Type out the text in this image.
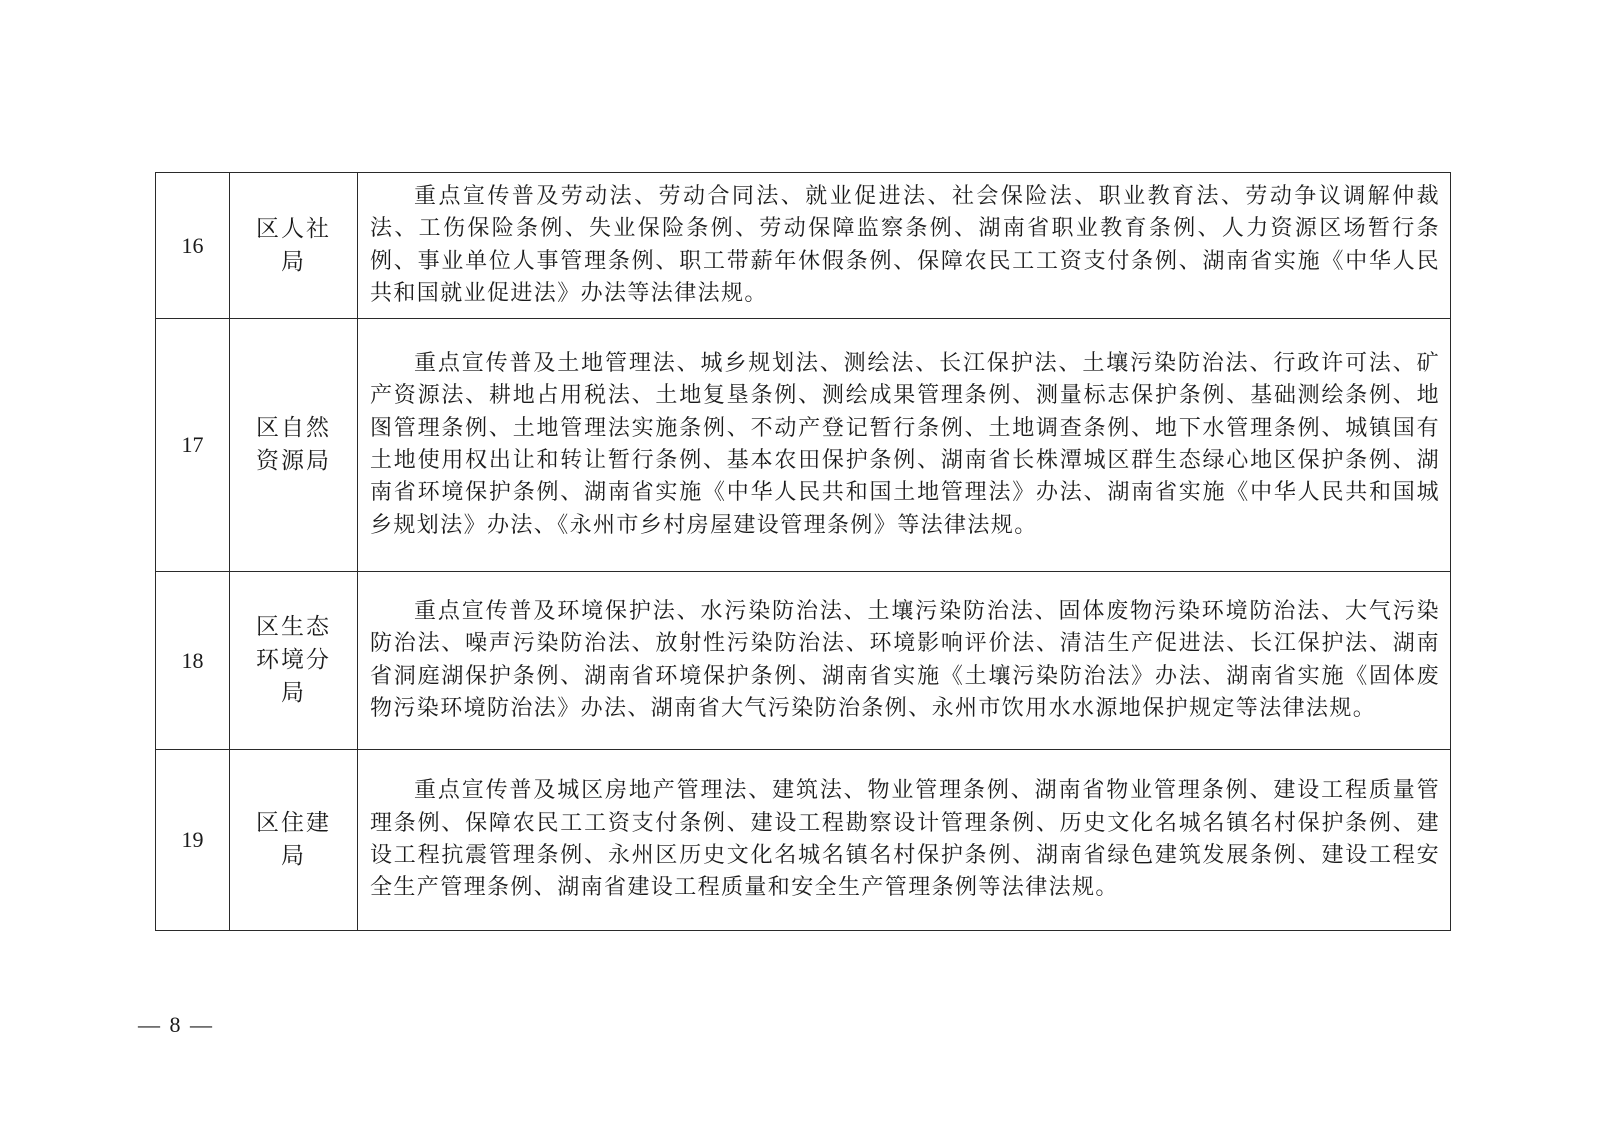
16	区人社局	重点宣传普及劳动法、劳动合同法、就业促进法、社会保险法、职业教育法、劳动争议调解仲裁法、工伤保险条例、失业保险条例、劳动保障监察条例、湖南省职业教育条例、人力资源区场暂行条例、事业单位人事管理条例、职工带薪年休假条例、保障农民工工资支付条例、湖南省实施《中华人民共和国就业促进法》办法等法律法规。
17	区自然资源局	重点宣传普及土地管理法、城乡规划法、测绘法、长江保护法、土壤污染防治法、行政许可法、矿产资源法、耕地占用税法、土地复垦条例、测绘成果管理条例、测量标志保护条例、基础测绘条例、地图管理条例、土地管理法实施条例、不动产登记暂行条例、土地调查条例、地下水管理条例、城镇国有土地使用权出让和转让暂行条例、基本农田保护条例、湖南省长株潭城区群生态绿心地区保护条例、湖南省环境保护条例、湖南省实施《中华人民共和国土地管理法》办法、湖南省实施《中华人民共和国城乡规划法》办法、《永州市乡村房屋建设管理条例》等法律法规。
18	区生态环境分局	重点宣传普及环境保护法、水污染防治法、土壤污染防治法、固体废物污染环境防治法、大气污染防治法、噪声污染防治法、放射性污染防治法、环境影响评价法、清洁生产促进法、长江保护法、湖南省洞庭湖保护条例、湖南省环境保护条例、湖南省实施《土壤污染防治法》办法、湖南省实施《固体废物污染环境防治法》办法、湖南省大气污染防治条例、永州市饮用水水源地保护规定等法律法规。
19	区住建局	重点宣传普及城区房地产管理法、建筑法、物业管理条例、湖南省物业管理条例、建设工程质量管理条例、保障农民工工资支付条例、建设工程勘察设计管理条例、历史文化名城名镇名村保护条例、建设工程抗震管理条例、永州区历史文化名城名镇名村保护条例、湖南省绿色建筑发展条例、建设工程安全生产管理条例、湖南省建设工程质量和安全生产管理条例等法律法规。
— 8 —
